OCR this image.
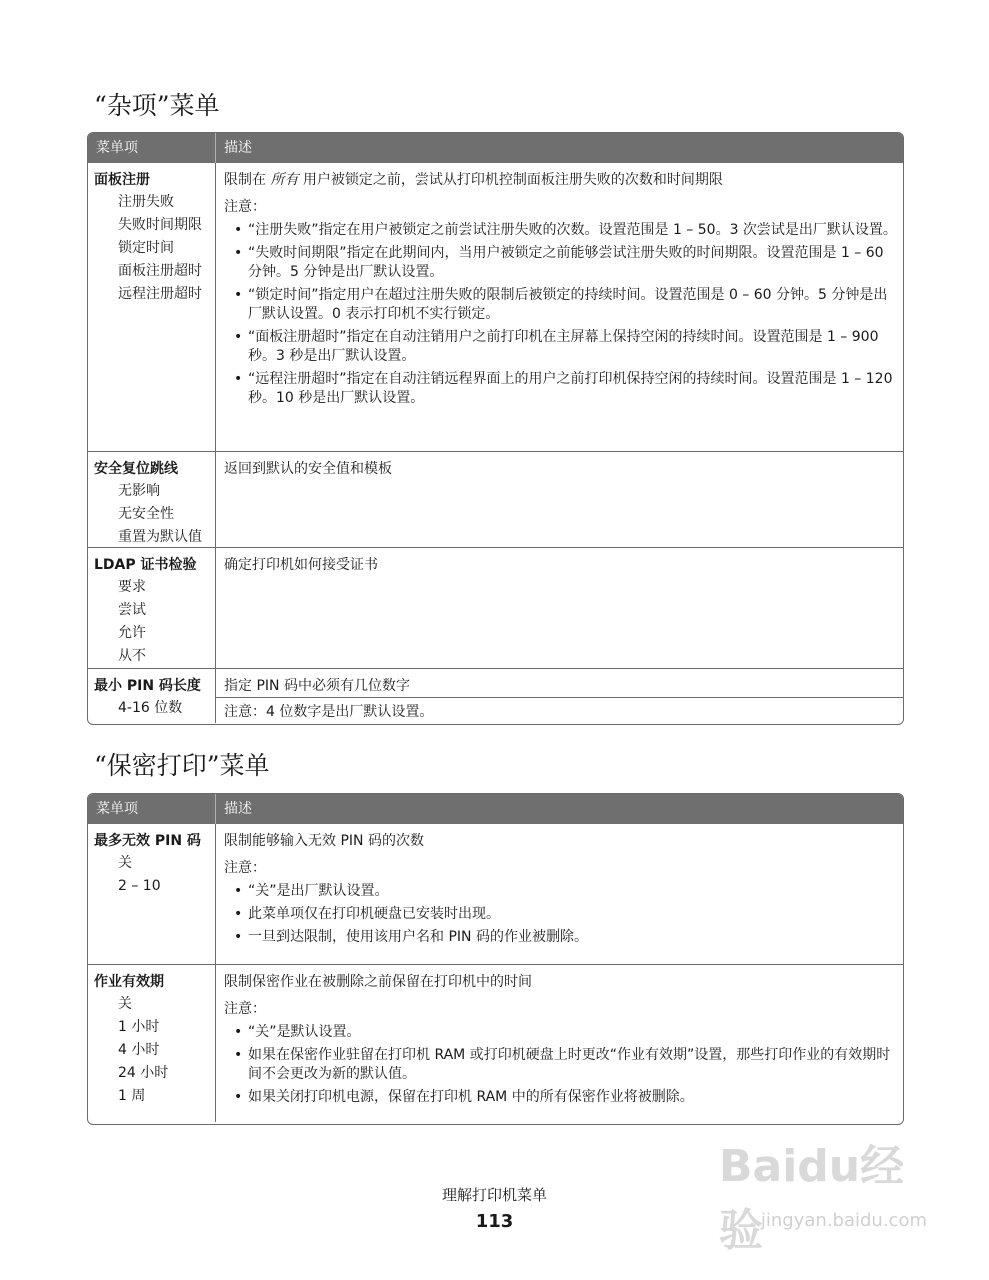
“杂项”菜单
菜单项	描述
面板注册
注册失败
失败时间期限
锁定时间
面板注册超时
远程注册超时
限制在 所有 用户被锁定之前，尝试从打印机控制面板注册失败的次数和时间期限
注意：
• “注册失败”指定在用户被锁定之前尝试注册失败的次数。设置范围是 1 – 50。3 次尝试是出厂默认设置。
• “失败时间期限”指定在此期间内，当用户被锁定之前能够尝试注册失败的时间期限。设置范围是 1 – 60 分钟。5 分钟是出厂默认设置。
• “锁定时间”指定用户在超过注册失败的限制后被锁定的持续时间。设置范围是 0 – 60 分钟。5 分钟是出厂默认设置。0 表示打印机不实行锁定。
• “面板注册超时”指定在自动注销用户之前打印机在主屏幕上保持空闲的持续时间。设置范围是 1 – 900 秒。3 秒是出厂默认设置。
• “远程注册超时”指定在自动注销远程界面上的用户之前打印机保持空闲的持续时间。设置范围是 1 – 120 秒。10 秒是出厂默认设置。
安全复位跳线
无影响
无安全性
重置为默认值
返回到默认的安全值和模板
LDAP 证书检验
要求
尝试
允许
从不
确定打印机如何接受证书
最小 PIN 码长度
4-16 位数
指定 PIN 码中必须有几位数字
注意：4 位数字是出厂默认设置。
“保密打印”菜单
菜单项	描述
最多无效 PIN 码
关
2 – 10
限制能够输入无效 PIN 码的次数
注意：
• “关”是出厂默认设置。
• 此菜单项仅在打印机硬盘已安装时出现。
• 一旦到达限制，使用该用户名和 PIN 码的作业被删除。
作业有效期
关
1 小时
4 小时
24 小时
1 周
限制保密作业在被删除之前保留在打印机中的时间
注意：
• “关”是默认设置。
• 如果在保密作业驻留在打印机 RAM 或打印机硬盘上时更改“作业有效期”设置，那些打印作业的有效期时间不会更改为新的默认值。
• 如果关闭打印机电源，保留在打印机 RAM 中的所有保密作业将被删除。
理解打印机菜单
113
Baidu经验
jingyan.baidu.com
